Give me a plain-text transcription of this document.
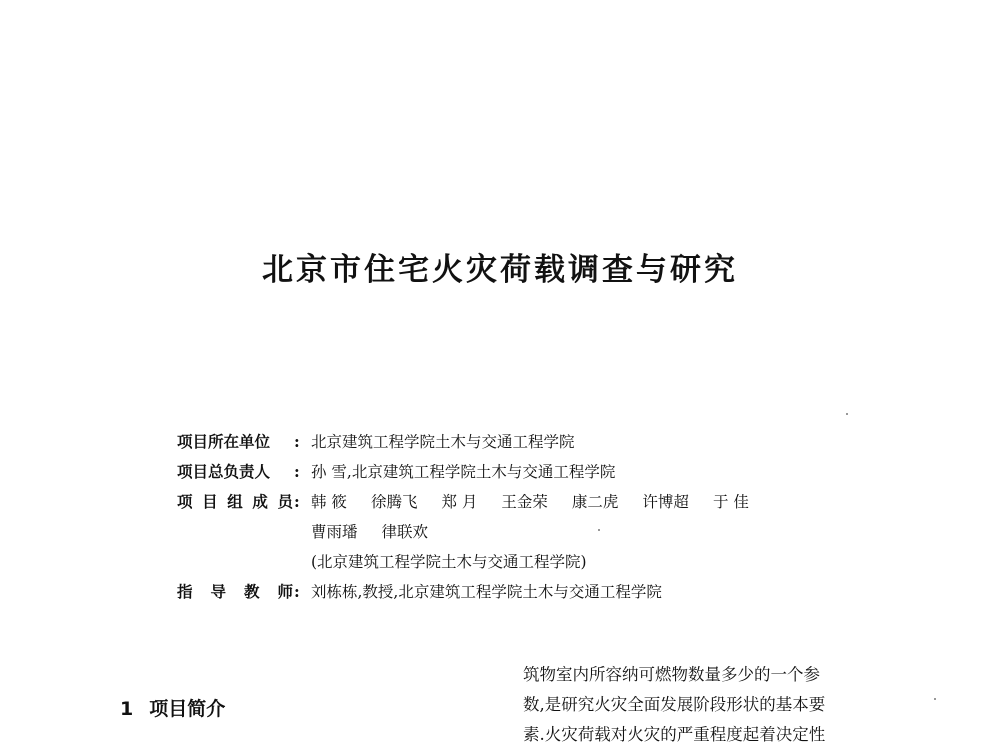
北京市住宅火灾荷载调查与研究
项目所在单位	: 北京建筑工程学院土木与交通工程学院
项目总负责人	: 孙 雪,北京建筑工程学院土木与交通工程学院
项 目 组 成 员 : 韩 筱 徐腾飞 郑 月 王金荣 康二虎 许博超 于 佳
曹雨璠 律联欢
(北京建筑工程学院土木与交通工程学院)
指 导 教 师 : 刘栋栋,教授,北京建筑工程学院土木与交通工程学院
1 项目简介

筑物室内所容纳可燃物数量多少的一个参

数,是研究火灾全面发展阶段形状的基本要

素.火灾荷载对火灾的严重程度起着决定性
